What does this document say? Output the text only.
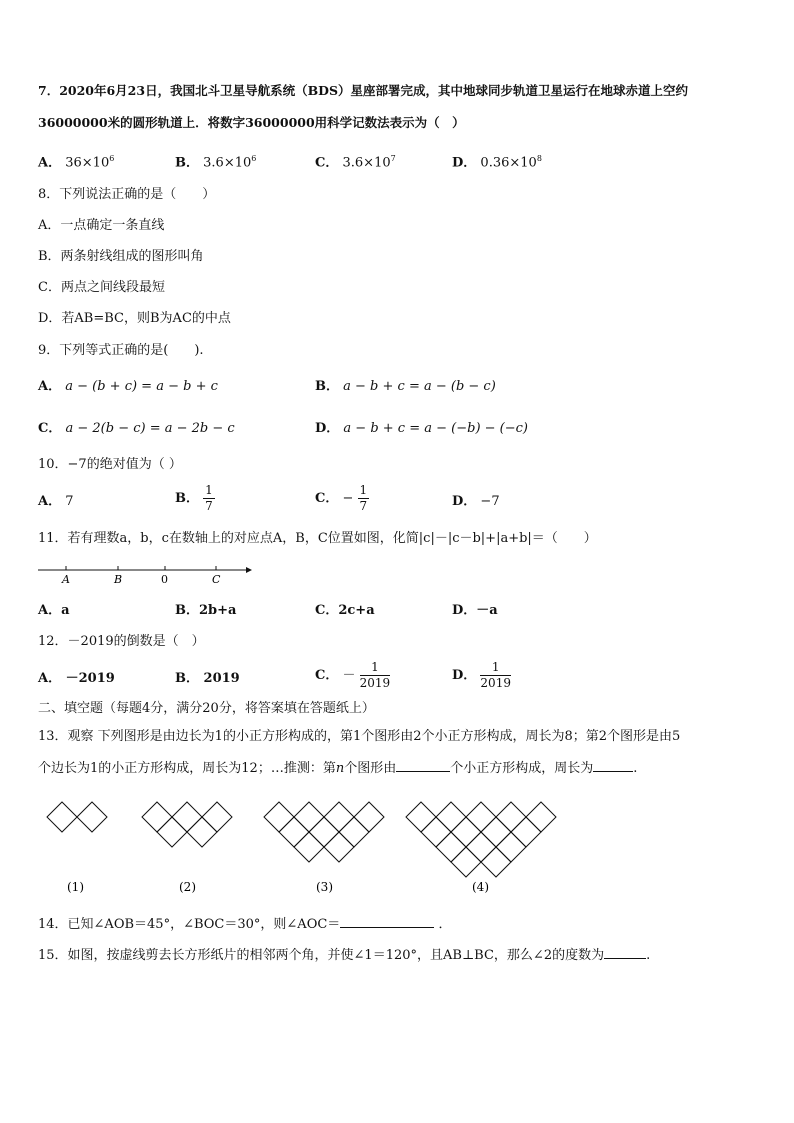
7．2020年6月23日，我国北斗卫星导航系统（BDS）星座部署完成，其中地球同步轨道卫星运行在地球赤道上空约
36000000米的圆形轨道上．将数字36000000用科学记数法表示为（　）
A． $36\times 10^6$	B． $3.6\times 10^6$	C． $3.6\times 10^7$	D． $0.36\times 10^8$
8．下列说法正确的是（　　）
A．一点确定一条直线
B．两条射线组成的图形叫角
C．两点之间线段最短
D．若AB=BC，则B为AC的中点
9．下列等式正确的是(　　).
A． a − (b + c) = a − b + c	B． a − b + c = a − (b − c)
C． a − 2(b − c) = a − 2b − c	D． a − b + c = a − (−b) − (−c)
10．−7的绝对值为（ ）
A． 7	B． $\frac{1}{7}$	C． − $\frac{1}{7}$	D． −7
11．若有理数a，b，c在数轴上的对应点A，B，C位置如图，化简|c|－|c－b|+|a+b|＝（　　）
A	B	0	C
A．a	B．2b+a	C．2c+a	D．－a
12．－2019的倒数是（　）
A． －2019	B． 2019	C． － $\frac{1}{2019}$	D． $\frac{1}{2019}$
二、填空题（每题4分，满分20分，将答案填在答题纸上）
13．观察 下列图形是由边长为1的小正方形构成的，第1个图形由2个小正方形构成，周长为8；第2个图形是由5
个边长为1的小正方形构成，周长为12；…推测：第n个图形由	个小正方形构成，周长为	.
(1)	(2)	(3)	(4)
14．已知∠AOB＝45°，∠BOC＝30°，则∠AOC＝	．
15．如图，按虚线剪去长方形纸片的相邻两个角，并使∠1＝120°，且AB⊥BC，那么∠2的度数为	.
